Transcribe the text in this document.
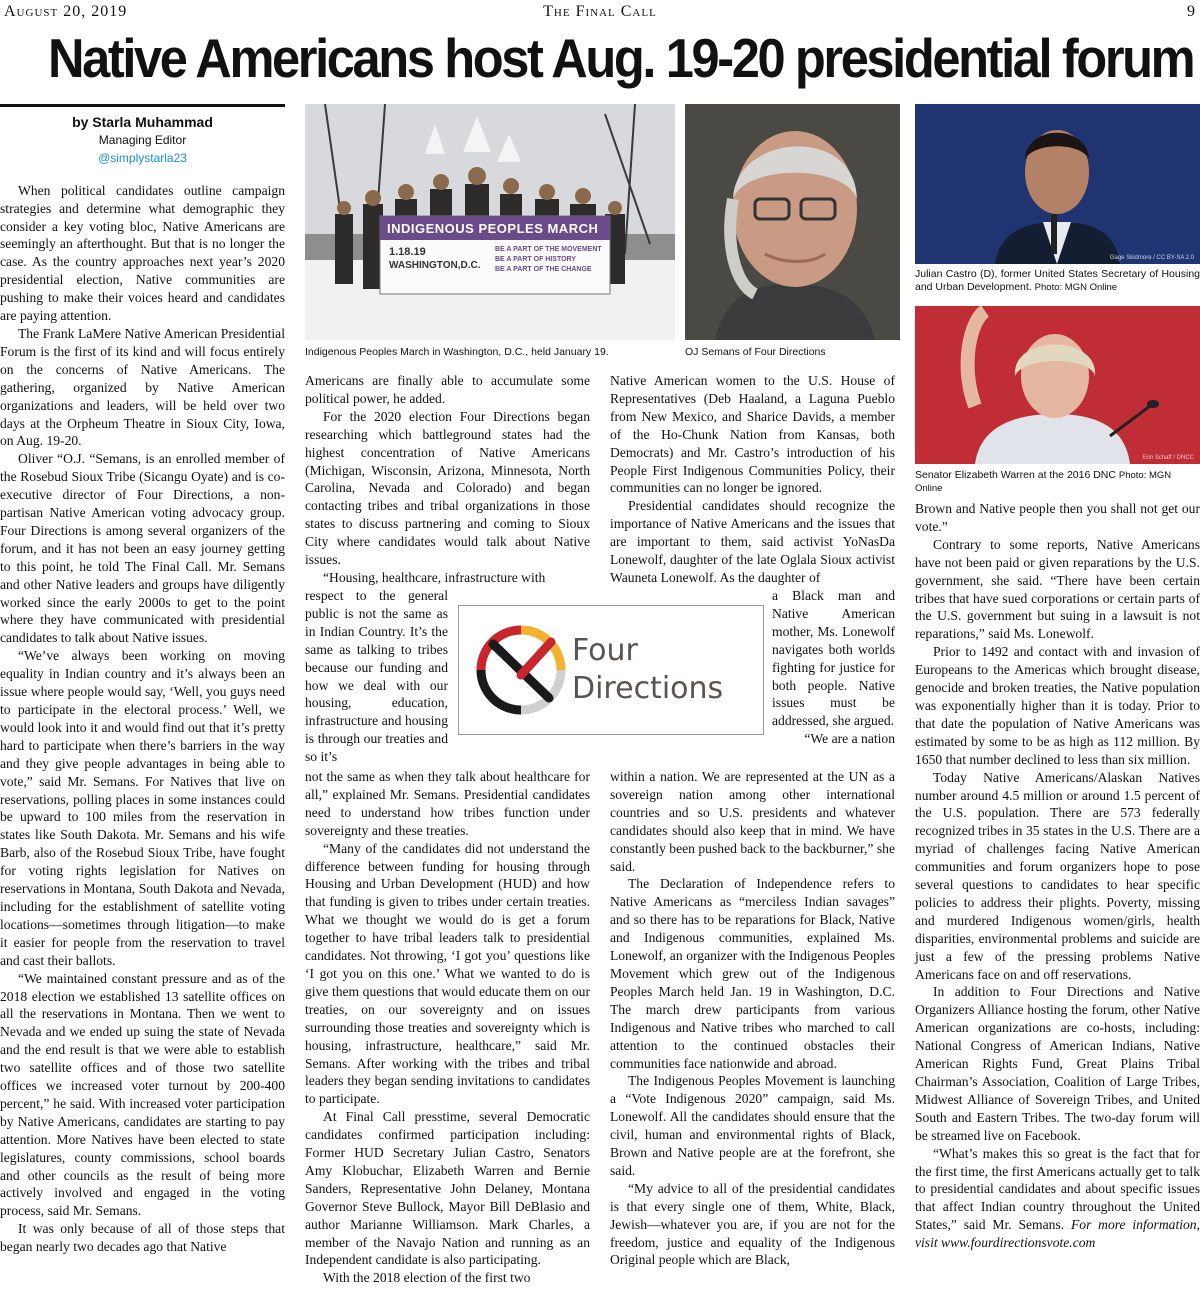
August 20, 2019	The Final Call	9
Native Americans host Aug. 19-20 presidential forum
by Starla Muhammad
Managing Editor
@simplystarla23

When political candidates outline campaign strategies and determine what demographic they consider a key voting bloc, Native Americans are seemingly an afterthought. But that is no longer the case. As the country approaches next year’s 2020 presidential election, Native communities are pushing to make their voices heard and candidates are paying attention.

The Frank LaMere Native American Presidential Forum is the first of its kind and will focus entirely on the concerns of Native Americans. The gathering, organized by Native American organizations and leaders, will be held over two days at the Orpheum Theatre in Sioux City, Iowa, on Aug. 19-20.

Oliver “O.J. “Semans, is an enrolled member of the Rosebud Sioux Tribe (Sicangu Oyate) and is co-executive director of Four Directions, a non-partisan Native American voting advocacy group. Four Directions is among several organizers of the forum, and it has not been an easy journey getting to this point, he told The Final Call. Mr. Semans and other Native leaders and groups have diligently worked since the early 2000s to get to the point where they have communicated with presidential candidates to talk about Native issues.

“We’ve always been working on moving equality in Indian country and it’s always been an issue where people would say, ‘Well, you guys need to participate in the electoral process.’ Well, we would look into it and would find out that it’s pretty hard to participate when there’s barriers in the way and they give people advantages in being able to vote,” said Mr. Semans. For Natives that live on reservations, polling places in some instances could be upward to 100 miles from the reservation in states like South Dakota. Mr. Semans and his wife Barb, also of the Rosebud Sioux Tribe, have fought for voting rights legislation for Natives on reservations in Montana, South Dakota and Nevada, including for the establishment of satellite voting locations—sometimes through litigation—to make it easier for people from the reservation to travel and cast their ballots.

“We maintained constant pressure and as of the 2018 election we established 13 satellite offices on all the reservations in Montana. Then we went to Nevada and we ended up suing the state of Nevada and the end result is that we were able to establish two satellite offices and of those two satellite offices we increased voter turnout by 200-400 percent,” he said. With increased voter participation by Native Americans, candidates are starting to pay attention. More Natives have been elected to state legislatures, county commissions, school boards and other councils as the result of being more actively involved and engaged in the voting process, said Mr. Semans.

It was only because of all of those steps that began nearly two decades ago that Native

INDIGENOUS PEOPLES MARCH
1.18.19
WASHINGTON,D.C.
BE A PART OF THE MOVEMENT
BE A PART OF HISTORY
BE A PART OF THE CHANGE
Indigenous Peoples March in Washington, D.C., held January 19.	OJ Semans of Four Directions
Gage Skidmore / CC BY-SA 2.0
Julian Castro (D), former United States Secretary of Housing and Urban Development. Photo: MGN Online
Erin Schaff / DNCC
Senator Elizabeth Warren at the 2016 DNC Photo: MGN Online

Americans are finally able to accumulate some political power, he added.

For the 2020 election Four Directions began researching which battleground states had the highest concentration of Native Americans (Michigan, Wisconsin, Arizona, Minnesota, North Carolina, Nevada and Colorado) and began contacting tribes and tribal organizations in those states to discuss partnering and coming to Sioux City where candidates would talk about Native issues.

“Housing, healthcare, infrastructure with

respect to the general public is not the same as in Indian Country. It’s the same as talking to tribes because our funding and how we deal with our housing, education, infrastructure and housing is through our treaties and so it’s

not the same as when they talk about healthcare for all,” explained Mr. Semans. Presidential candidates need to understand how tribes function under sovereignty and these treaties.

“Many of the candidates did not understand the difference between funding for housing through Housing and Urban Development (HUD) and how that funding is given to tribes under certain treaties. What we thought we would do is get a forum together to have tribal leaders talk to presidential candidates. Not throwing, ‘I got you’ questions like ‘I got you on this one.’ What we wanted to do is give them questions that would educate them on our treaties, on our sovereignty and on issues surrounding those treaties and sovereignty which is housing, infrastructure, healthcare,” said Mr. Semans. After working with the tribes and tribal leaders they began sending invitations to candidates to participate.

At Final Call presstime, several Democratic candidates confirmed participation including: Former HUD Secretary Julian Castro, Senators Amy Klobuchar, Elizabeth Warren and Bernie Sanders, Representative John Delaney, Montana Governor Steve Bullock, Mayor Bill DeBlasio and author Marianne Williamson. Mark Charles, a member of the Navajo Nation and running as an Independent candidate is also participating.

With the 2018 election of the first two

Four
Directions

Native American women to the U.S. House of Representatives (Deb Haaland, a Laguna Pueblo from New Mexico, and Sharice Davids, a member of the Ho-Chunk Nation from Kansas, both Democrats) and Mr. Castro’s introduction of his People First Indigenous Communities Policy, their communities can no longer be ignored.

Presidential candidates should recognize the importance of Native Americans and the issues that are important to them, said activist YoNasDa Lonewolf, daughter of the late Oglala Sioux activist Wauneta Lonewolf. As the daughter of

a Black man and Native American mother, Ms. Lonewolf navigates both worlds fighting for justice for both people. Native issues must be addressed, she argued.

“We are a nation

within a nation. We are represented at the UN as a sovereign nation among other international countries and so U.S. presidents and whatever candidates should also keep that in mind. We have constantly been pushed back to the backburner,” she said.

The Declaration of Independence refers to Native Americans as “merciless Indian savages” and so there has to be reparations for Black, Native and Indigenous communities, explained Ms. Lonewolf, an organizer with the Indigenous Peoples Movement which grew out of the Indigenous Peoples March held Jan. 19 in Washington, D.C. The march drew participants from various Indigenous and Native tribes who marched to call attention to the continued obstacles their communities face nationwide and abroad.

The Indigenous Peoples Movement is launching a “Vote Indigenous 2020” campaign, said Ms. Lonewolf. All the candidates should ensure that the civil, human and environmental rights of Black, Brown and Native people are at the forefront, she said.

“My advice to all of the presidential candidates is that every single one of them, White, Black, Jewish—whatever you are, if you are not for the freedom, justice and equality of the Indigenous Original people which are Black,

Brown and Native people then you shall not get our vote.”

Contrary to some reports, Native Americans have not been paid or given reparations by the U.S. government, she said. “There have been certain tribes that have sued corporations or certain parts of the U.S. government but suing in a lawsuit is not reparations,” said Ms. Lonewolf.

Prior to 1492 and contact with and invasion of Europeans to the Americas which brought disease, genocide and broken treaties, the Native population was exponentially higher than it is today. Prior to that date the population of Native Americans was estimated by some to be as high as 112 million. By 1650 that number declined to less than six million.

Today Native Americans/Alaskan Natives number around 4.5 million or around 1.5 percent of the U.S. population. There are 573 federally recognized tribes in 35 states in the U.S. There are a myriad of challenges facing Native American communities and forum organizers hope to pose several questions to candidates to hear specific policies to address their plights. Poverty, missing and murdered Indigenous women/girls, health disparities, environmental problems and suicide are just a few of the pressing problems Native Americans face on and off reservations.

In addition to Four Directions and Native Organizers Alliance hosting the forum, other Native American organizations are co-hosts, including: National Congress of American Indians, Native American Rights Fund, Great Plains Tribal Chairman’s Association, Coalition of Large Tribes, Midwest Alliance of Sovereign Tribes, and United South and Eastern Tribes. The two-day forum will be streamed live on Facebook.

“What’s makes this so great is the fact that for the first time, the first Americans actually get to talk to presidential candidates and about specific issues that affect Indian country throughout the United States,” said Mr. Semans. For more information, visit www.fourdirectionsvote.com
